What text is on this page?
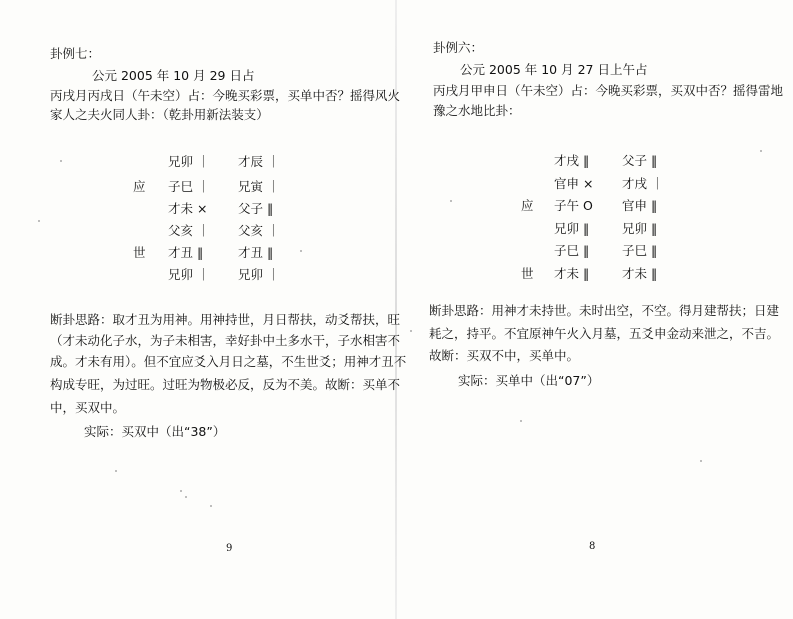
卦例七：
公元 2005 年 10 月 29 日占
丙戌月丙戌日（午未空）占：今晚买彩票，买单中否？摇得风火
家人之夫火同人卦：（乾卦用新法装支）
兄卯 ｜ 才辰 ｜
应 子巳 ｜ 兄寅 ｜
才未 × 父子 ‖
父亥 ｜ 父亥 ｜
世 才丑 ‖	才丑 ‖
兄卯 ｜ 兄卯 ｜
断卦思路：取才丑为用神。用神持世，月日帮扶，动爻帮扶，旺
（才未动化子水，为子未相害，幸好卦中土多水干，子水相害不
成。才未有用）。但不宜应爻入月日之墓，不生世爻；用神才丑不
构成专旺，为过旺。过旺为物极必反，反为不美。故断：买单不
中，买双中。
实际：买双中（出“38”）
9
卦例六：
公元 2005 年 10 月 27 日上午占
丙戌月甲申日（午未空）占：今晚买彩票，买双中否？摇得雷地
豫之水地比卦：
才戌 ‖	父子 ‖
官申 × 才戌 ｜
应 子午 O 官申 ‖
兄卯 ‖	兄卯 ‖
子巳 ‖	子巳 ‖
世 才未 ‖	才未 ‖
断卦思路：用神才未持世。未时出空，不空。得月建帮扶；日建
耗之，持平。不宜原神午火入月墓，五爻申金动来泄之，不吉。
故断：买双不中，买单中。
实际：买单中（出“07”）
8
